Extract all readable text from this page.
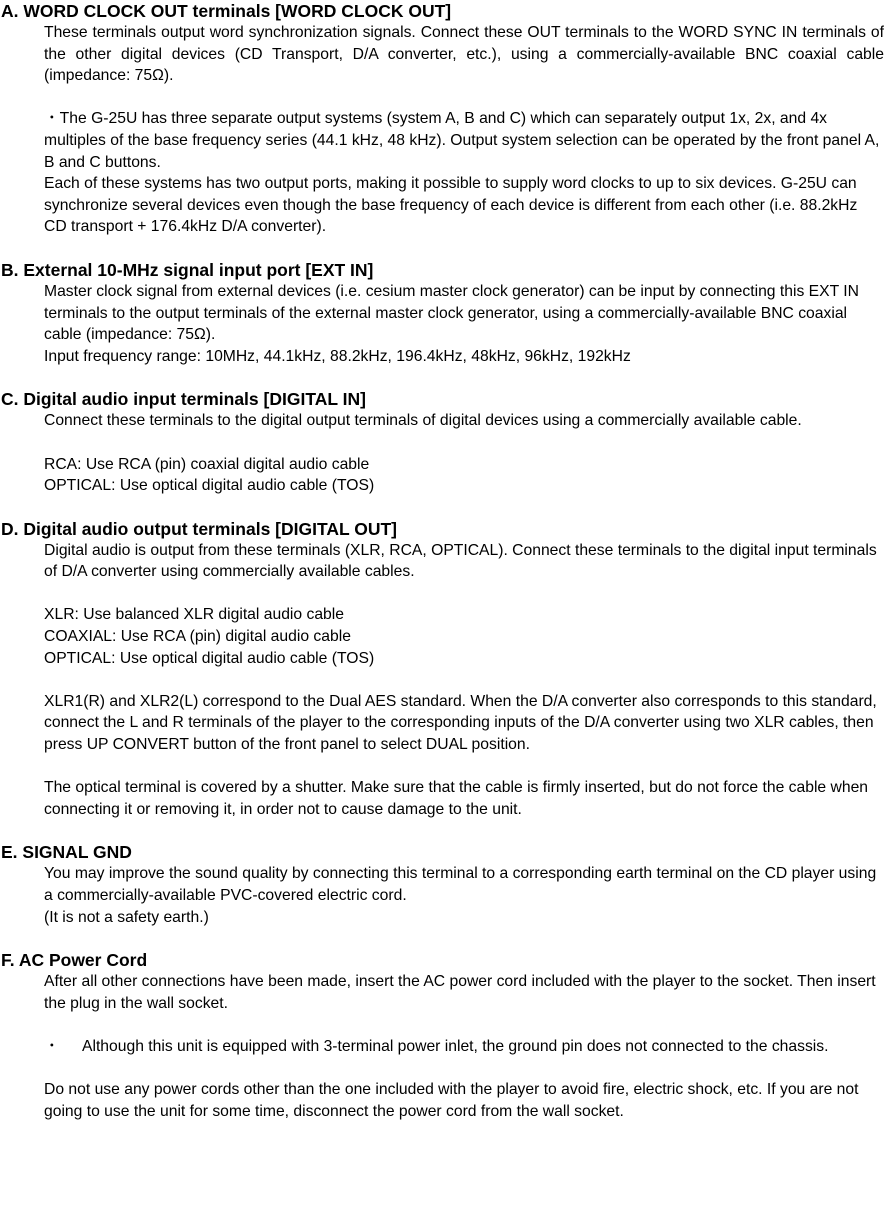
A. WORD CLOCK OUT terminals [WORD CLOCK OUT]

These terminals output word synchronization signals. Connect these OUT terminals to the WORD SYNC IN terminals of the other digital devices (CD Transport, D/A converter, etc.), using a commercially-available BNC coaxial cable (impedance: 75Ω).

・The G-25U has three separate output systems (system A, B and C) which can separately output 1x, 2x, and 4x multiples of the base frequency series (44.1 kHz, 48 kHz). Output system selection can be operated by the front panel A, B and C buttons.

Each of these systems has two output ports, making it possible to supply word clocks to up to six devices. G-25U can synchronize several devices even though the base frequency of each device is different from each other (i.e. 88.2kHz CD transport + 176.4kHz D/A converter).

B. External 10-MHz signal input port [EXT IN]

Master clock signal from external devices (i.e. cesium master clock generator) can be input by connecting this EXT IN terminals to the output terminals of the external master clock generator, using a commercially-available BNC coaxial cable (impedance: 75Ω).

Input frequency range: 10MHz, 44.1kHz, 88.2kHz, 196.4kHz, 48kHz, 96kHz, 192kHz

C. Digital audio input terminals [DIGITAL IN]

Connect these terminals to the digital output terminals of digital devices using a commercially available cable.

RCA: Use RCA (pin) coaxial digital audio cable

OPTICAL: Use optical digital audio cable (TOS)

D. Digital audio output terminals [DIGITAL OUT]

Digital audio is output from these terminals (XLR, RCA, OPTICAL). Connect these terminals to the digital input terminals of D/A converter using commercially available cables.

XLR: Use balanced XLR digital audio cable

COAXIAL: Use RCA (pin) digital audio cable

OPTICAL: Use optical digital audio cable (TOS)

XLR1(R) and XLR2(L) correspond to the Dual AES standard. When the D/A converter also corresponds to this standard, connect the L and R terminals of the player to the corresponding inputs of the D/A converter using two XLR cables, then press UP CONVERT button of the front panel to select DUAL position.

The optical terminal is covered by a shutter. Make sure that the cable is firmly inserted, but do not force the cable when connecting it or removing it, in order not to cause damage to the unit.

E. SIGNAL GND

You may improve the sound quality by connecting this terminal to a corresponding earth terminal on the CD player using a commercially-available PVC-covered electric cord.

(It is not a safety earth.)

F. AC Power Cord

After all other connections have been made, insert the AC power cord included with the player to the socket. Then insert the plug in the wall socket.

・	Although this unit is equipped with 3-terminal power inlet, the ground pin does not connected to the chassis.

Do not use any power cords other than the one included with the player to avoid fire, electric shock, etc. If you are not going to use the unit for some time, disconnect the power cord from the wall socket.
